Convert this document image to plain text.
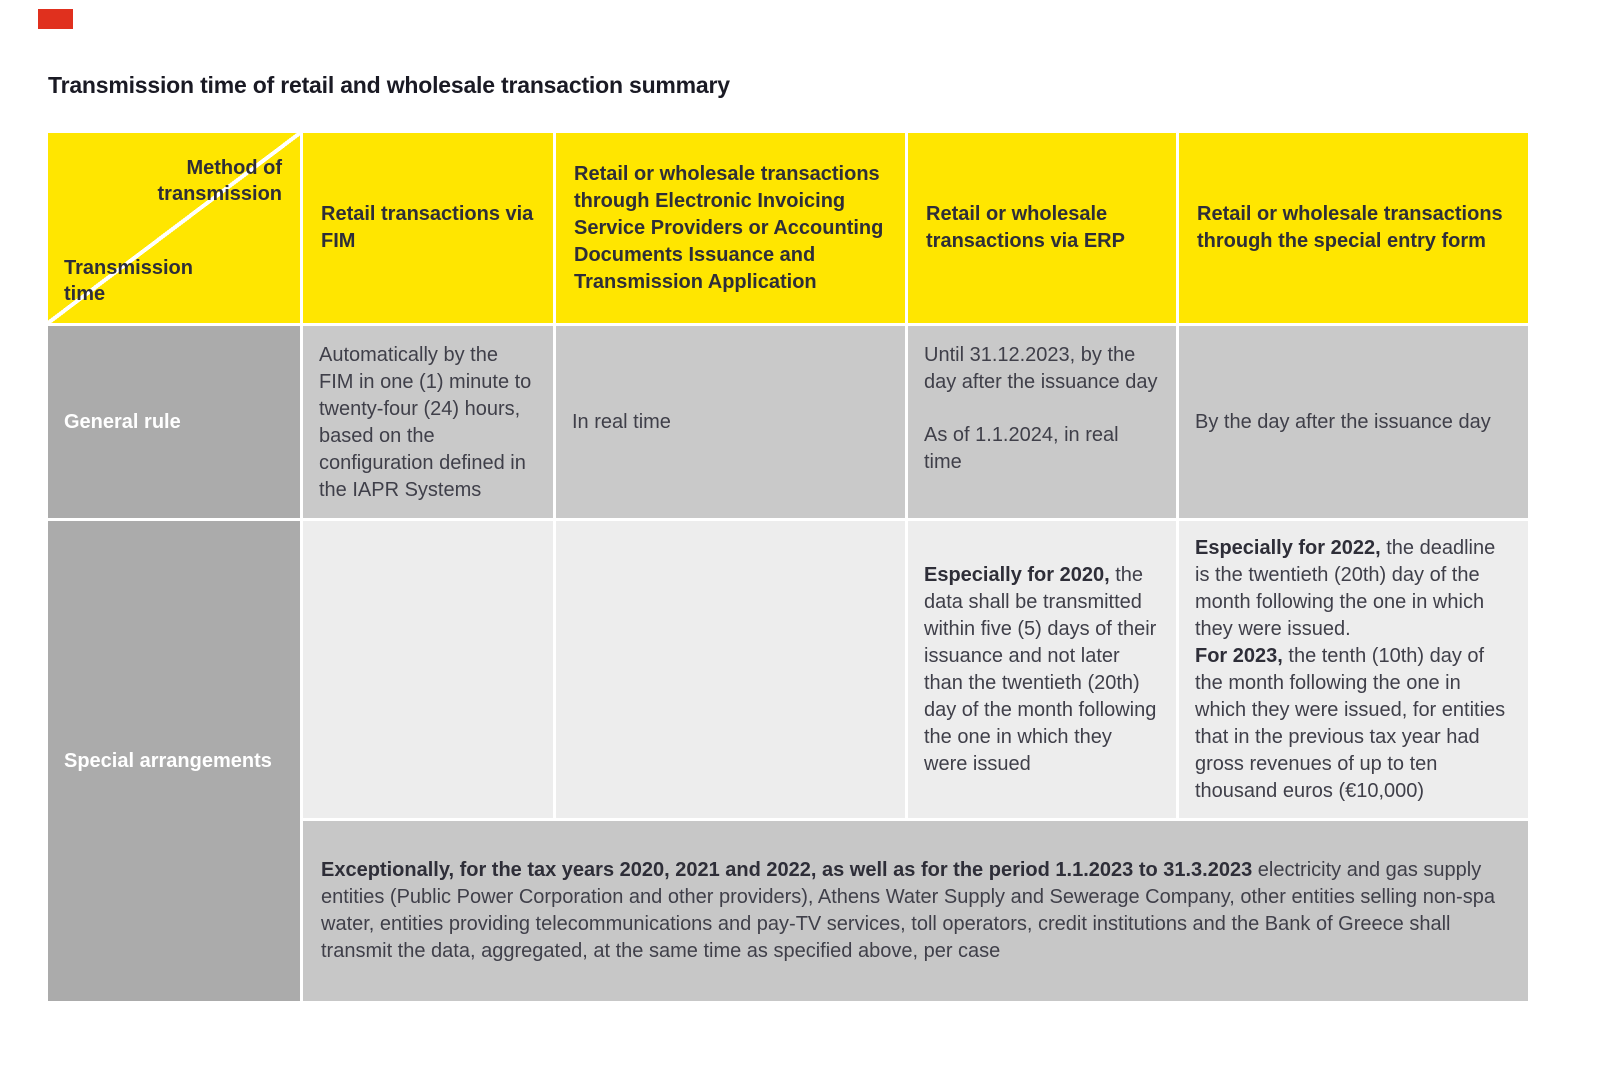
Transmission time of retail and wholesale transaction summary
Method of transmission
Transmission time
Retail transactions via FIM
Retail or wholesale transactions through Electronic Invoicing Service Providers or Accounting Documents Issuance and Transmission Application
Retail or wholesale transactions via ERP
Retail or wholesale transactions through the special entry form
General rule
Automatically by the FIM in one (1) minute to twenty-four (24) hours, based on the configuration defined in the IAPR Systems
In real time
Until 31.12.2023, by the day after the issuance day
As of 1.1.2024, in real time
By the day after the issuance day
Special arrangements
Especially for 2020, the data shall be transmitted within five (5) days of their issuance and not later than the twentieth (20th) day of the month following the one in which they were issued
Especially for 2022, the deadline is the twentieth (20th) day of the month following the one in which they were issued.
For 2023, the tenth (10th) day of the month following the one in which they were issued, for entities that in the previous tax year had gross revenues of up to ten thousand euros (€10,000)
Exceptionally, for the tax years 2020, 2021 and 2022, as well as for the period 1.1.2023 to 31.3.2023 electricity and gas supply entities (Public Power Corporation and other providers), Athens Water Supply and Sewerage Company, other entities selling non-spa water, entities providing telecommunications and pay-TV services, toll operators, credit institutions and the Bank of Greece shall transmit the data, aggregated, at the same time as specified above, per case
